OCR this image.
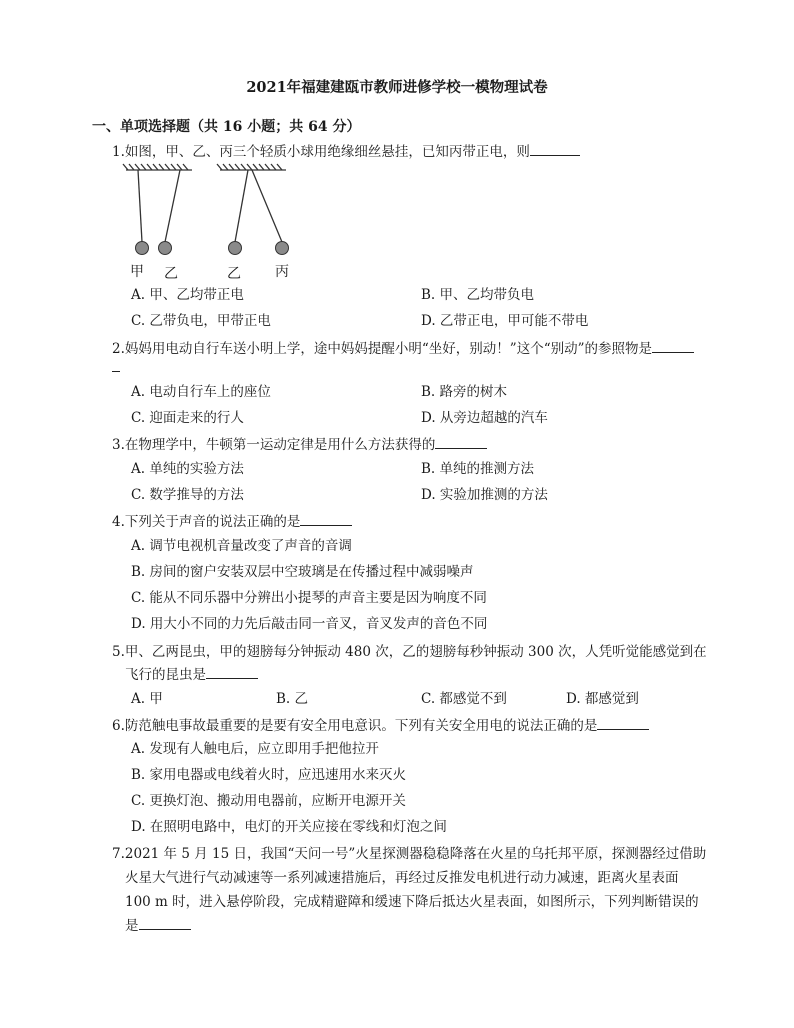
2021年福建建瓯市教师进修学校一模物理试卷
一、单项选择题（共 16 小题；共 64 分）
1.如图，甲、乙、丙三个轻质小球用绝缘细丝悬挂，已知丙带正电，则
甲 乙	乙 丙
A. 甲、乙均带正电	B. 甲、乙均带负电
C. 乙带负电，甲带正电	D. 乙带正电，甲可能不带电
2.妈妈用电动自行车送小明上学，途中妈妈提醒小明“坐好，别动！”这个“别动”的参照物是
A. 电动自行车上的座位	B. 路旁的树木
C. 迎面走来的行人	D. 从旁边超越的汽车
3.在物理学中，牛顿第一运动定律是用什么方法获得的
A. 单纯的实验方法	B. 单纯的推测方法
C. 数学推导的方法	D. 实验加推测的方法
4.下列关于声音的说法正确的是
A. 调节电视机音量改变了声音的音调
B. 房间的窗户安装双层中空玻璃是在传播过程中减弱噪声
C. 能从不同乐器中分辨出小提琴的声音主要是因为响度不同
D. 用大小不同的力先后敲击同一音叉，音叉发声的音色不同
5.甲、乙两昆虫，甲的翅膀每分钟振动 480 次，乙的翅膀每秒钟振动 300 次，人凭听觉能感觉到在
飞行的昆虫是
A. 甲	B. 乙	C. 都感觉不到	D. 都感觉到
6.防范触电事故最重要的是要有安全用电意识。下列有关安全用电的说法正确的是
A. 发现有人触电后，应立即用手把他拉开
B. 家用电器或电线着火时，应迅速用水来灭火
C. 更换灯泡、搬动用电器前，应断开电源开关
D. 在照明电路中，电灯的开关应接在零线和灯泡之间
7.2021 年 5 月 15 日，我国“天问一号”火星探测器稳稳降落在火星的乌托邦平原，探测器经过借助
火星大气进行气动减速等一系列减速措施后，再经过反推发电机进行动力减速，距离火星表面
100 m 时，进入悬停阶段，完成精避障和缓速下降后抵达火星表面，如图所示，下列判断错误的
是
